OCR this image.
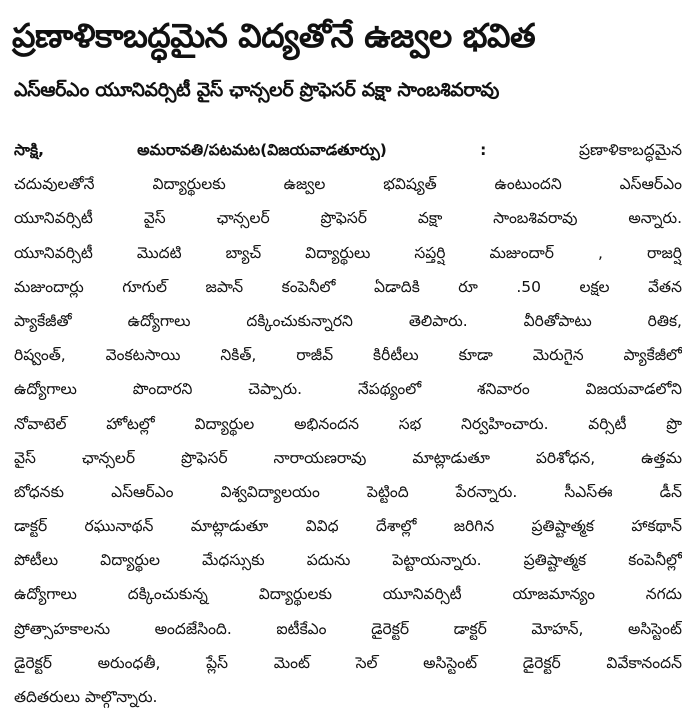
ప్రణాళికాబద్ధమైన విద్యతోనే ఉజ్వల భవిత
ఎస్‌ఆర్‌ఎం యూనివర్సిటీ వైస్ ఛాన్సలర్ ప్రొఫెసర్ వక్షా సాంబశివరావు
సాక్షి, అమరావతి/పటమట(విజయవాడతూర్పు) :	ప్రణాళికాబద్ధమైన
చదువులతోనే విద్యార్థులకు ఉజ్వల భవిష్యత్ ఉంటుందని ఎస్‌ఆర్‌ఎం
యూనివర్సిటీ వైస్ ఛాన్సలర్ ప్రొఫెసర్ వక్షా సాంబశివరావు అన్నారు.
యూనివర్సిటీ మొదటి బ్యాచ్ విద్యార్థులు సప్తర్షి మజుందార్ , రాజర్షి
మజుందార్లు గూగుల్ జపాన్ కంపెనీలో ఏడాదికి రూ .50 లక్షల వేతన
ప్యాకేజీతో ఉద్యోగాలు దక్కించుకున్నారని తెలిపారు. వీరితోపాటు రితిక,
రిష్వంత్, వెంకటసాయి నికిత్, రాజీవ్ కిరీటీలు కూడా మెరుగైన ప్యాకేజీలో
ఉద్యోగాలు పొందారని చెప్పారు. నేపథ్యంలో శనివారం విజయవాడలోని
నోవాటెల్ హోటల్లో విద్యార్థుల అభినందన సభ నిర్వహించారు. వర్సిటీ ప్రొ
వైస్ ఛాన్సలర్ ప్రొఫెసర్ నారాయణరావు మాట్లాడుతూ పరిశోధన, ఉత్తమ
బోధనకు ఎస్‌ఆర్‌ఎం విశ్వవిద్యాలయం పెట్టింది పేరన్నారు. సీఎస్ఈ డీన్
డాక్టర్ రఘునాథన్ మాట్లాడుతూ వివిధ దేశాల్లో జరిగిన ప్రతిష్టాత్మక హాకథాన్
పోటీలు విద్యార్థుల మేధస్సుకు పదును పెట్టాయన్నారు. ప్రతిష్టాత్మక కంపెనీల్లో
ఉద్యోగాలు దక్కించుకున్న విద్యార్థులకు యూనివర్సిటీ యాజమాన్యం నగదు
ప్రోత్సాహకాలను అందజేసింది. ఐటీకేఎం డైరెక్టర్ డాక్టర్ మోహన్, అసిస్టెంట్
డైరెక్టర్ అరుంధతీ, ప్లేస్ మెంట్ సెల్ అసిస్టెంట్ డైరెక్టర్ వివేకానందన్
తదితరులు పాల్గొన్నారు.
